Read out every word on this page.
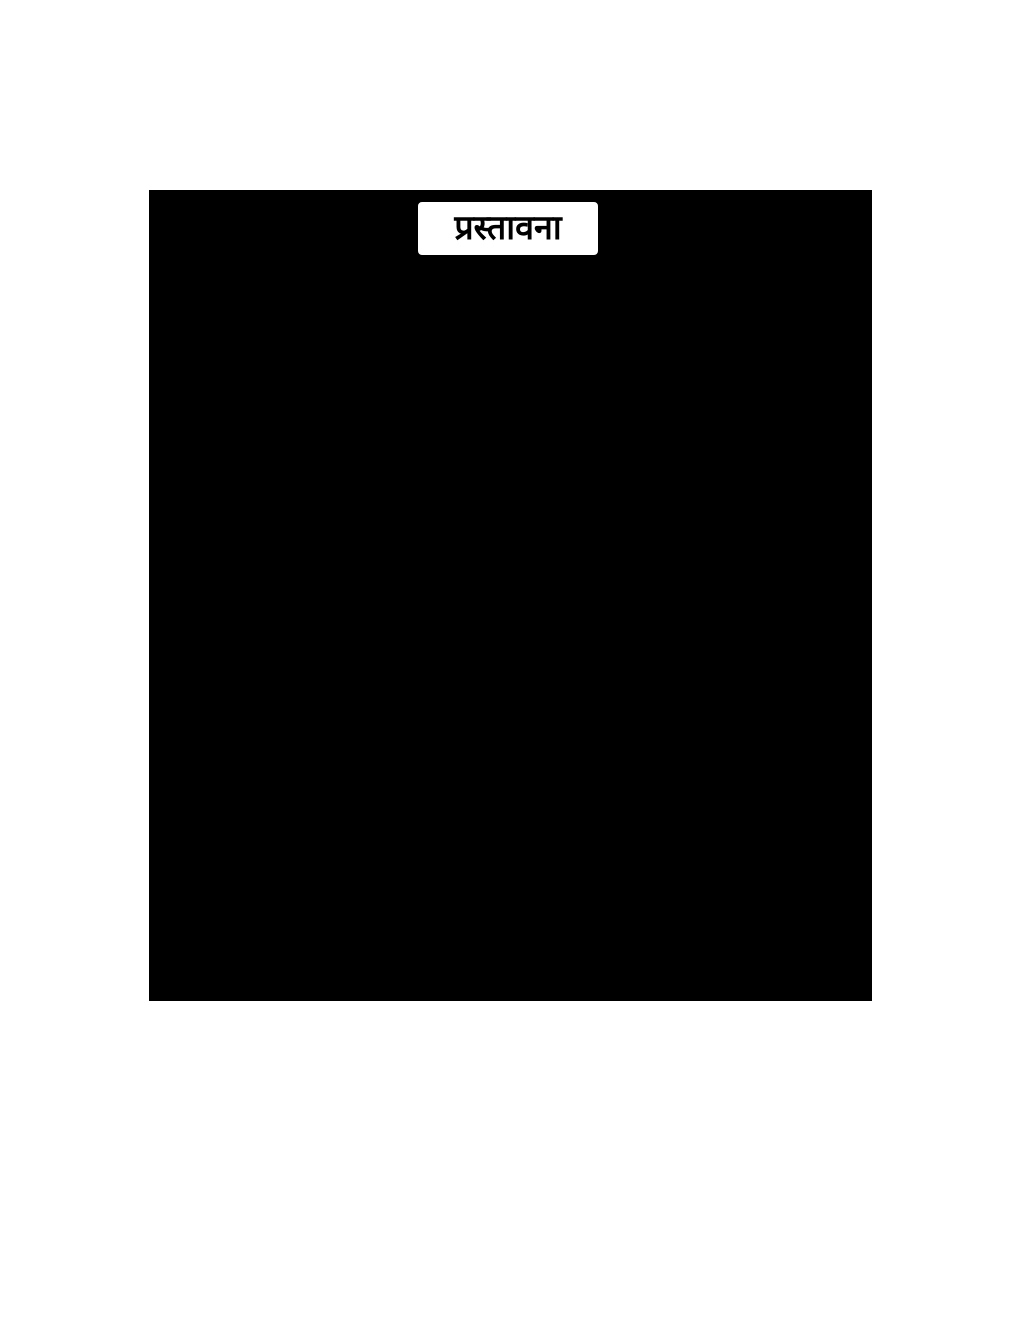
प्रस्तावना
